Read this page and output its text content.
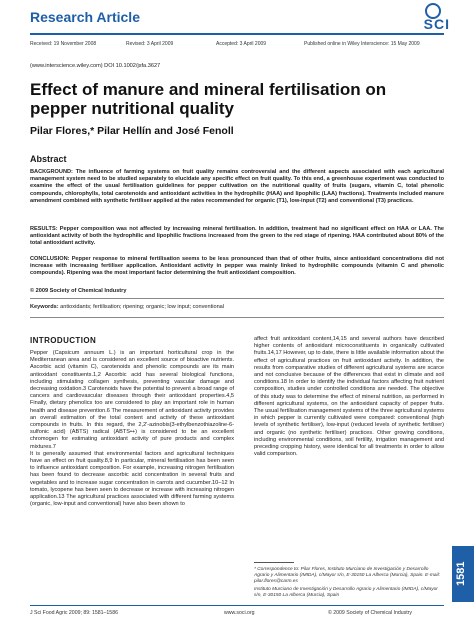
Research Article	SCI
Received: 19 November 2008	Revised: 3 April 2009	Accepted: 3 April 2009	Published online in Wiley Interscience: 15 May 2009
(www.interscience.wiley.com) DOI 10.1002/jsfa.3627
Effect of manure and mineral fertilisation on pepper nutritional quality
Pilar Flores,* Pilar Hellín and José Fenoll
Abstract

BACKGROUND: The influence of farming systems on fruit quality remains controversial and the different aspects associated with each agricultural management system need to be studied separately to elucidate any specific effect on fruit quality. To this end, a greenhouse experiment was conducted to examine the effect of the usual fertilisation guidelines for pepper cultivation on the nutritional quality of fruits (sugars, vitamin C, total phenolic compounds, chlorophylls, total carotenoids and antioxidant activities in the hydrophilic (HAA) and lipophilic (LAA) fractions). Treatments included manure amendment combined with synthetic fertiliser applied at the rates recommended for organic (T1), low-input (T2) and conventional (T3) practices.

RESULTS: Pepper composition was not affected by increasing mineral fertilisation. In addition, treatment had no significant effect on HAA or LAA. The antioxidant activity of both the hydrophilic and lipophilic fractions increased from the green to the red stage of ripening. HAA contributed about 80% of the total antioxidant activity.

CONCLUSION: Pepper response to mineral fertilisation seems to be less pronounced than that of other fruits, since antioxidant concentrations did not increase with increasing fertiliser application. Antioxidant activity in pepper was mainly linked to hydrophilic compounds (vitamin C and phenolic compounds). Ripening was the most important factor determining the fruit antioxidant composition.

© 2009 Society of Chemical Industry
Keywords: antioxidants; fertilisation; ripening; organic; low input; conventional
INTRODUCTION

Pepper (Capsicum annuum L.) is an important horticultural crop in the Mediterranean area and is considered an excellent source of bioactive nutrients. Ascorbic acid (vitamin C), carotenoids and phenolic compounds are its main antioxidant constituents.1,2 Ascorbic acid has several biological functions, including stimulating collagen synthesis, preventing vascular damage and decreasing oxidation.3 Carotenoids have the potential to prevent a broad range of cancers and cardiovascular diseases through their antioxidant properties.4,5 Finally, dietary phenolics too are considered to play an important role in human health and disease prevention.6 The measurement of antioxidant activity provides an overall estimation of the total content and activity of these antioxidant compounds in fruits. In this regard, the 2,2'-azinobis(3-ethylbenzothiazoline-6-sulfonic acid) (ABTS) radical (ABTS•+) is considered to be an excellent chromogen for estimating antioxidant activity of pure products and complex mixtures.7
It is generally assumed that environmental factors and agricultural techniques have an effect on fruit quality.8,9 In particular, mineral fertilisation has been seen to influence antioxidant composition. For example, increasing nitrogen fertilisation has been found to decrease ascorbic acid concentration in several fruits and vegetables and to increase sugar concentration in carrots and cucumber.10–12 In tomato, lycopene has been seen to decrease or increase with increasing nitrogen application.13 The agricultural practices associated with different farming systems (organic, low-input and conventional) have also been shown to

affect fruit antioxidant content,14,15 and several authors have described higher contents of antioxidant microconstituents in organically cultivated fruits.14,17 However, up to date, there is little available information about the effect of agricultural practices on fruit antioxidant activity. In addition, the results from comparative studies of different agricultural systems are scarce and not conclusive because of the differences that exist in climate and soil conditions.18 In order to identify the individual factors affecting fruit nutrient composition, studies under controlled conditions are needed. The objective of this study was to determine the effect of mineral nutrition, as performed in different agricultural systems, on the antioxidant capacity of pepper fruits. The usual fertilisation management systems of the three agricultural systems in which pepper is currently cultivated were compared: conventional (high levels of synthetic fertiliser), low-input (reduced levels of synthetic fertiliser) and organic (no synthetic fertiliser) practices. Other growing conditions, including environmental conditions, soil fertility, irrigation management and preceding cropping history, were identical for all treatments in order to allow valid comparison.

* Correspondence to: Pilar Flores, Instituto Murciano de Investigación y Desarrollo Agrario y Alimentario (IMIDA), c/Mayor s/n, E-30150 La Alberca (Murcia), Spain. E-mail: pilar.flores@carm.es

Instituto Murciano de Investigación y Desarrollo Agrario y Alimentario (IMIDA), c/Mayor s/n, E-30150 La Alberca (Murcia), Spain

1581
J Sci Food Agric 2009; 89: 1581–1586	www.soci.org	© 2009 Society of Chemical Industry
